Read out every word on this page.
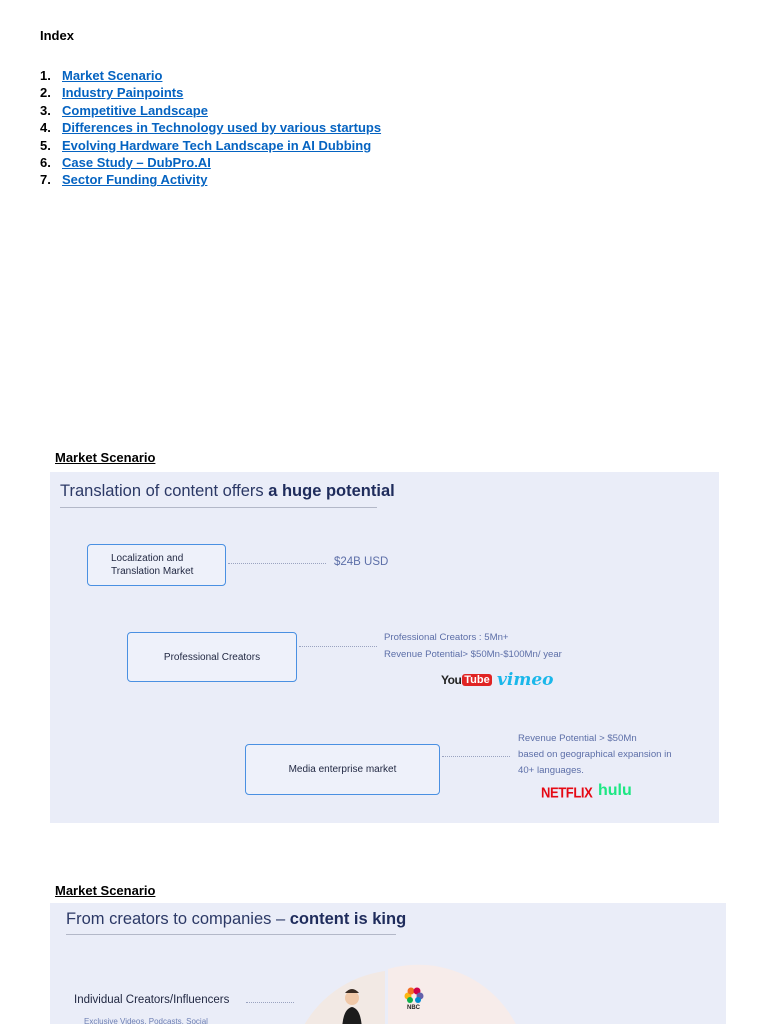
Index
1. Market Scenario
2. Industry Painpoints
3. Competitive Landscape
4. Differences in Technology used by various startups
5. Evolving Hardware Tech Landscape in AI Dubbing
6. Case Study – DubPro.AI
7. Sector Funding Activity
Market Scenario
Translation of content offers a huge potential
Localization and Translation Market
$24B USD
Professional Creators
Professional Creators : 5Mn+
Revenue Potential> $50Mn-$100Mn/ year
You Tube vimeo
Media enterprise market
Revenue Potential > $50Mn
based on geographical expansion in
40+ languages.
NETFLIX hulu
Market Scenario
From creators to companies – content is king
NBC
Individual Creators/Influencers
Exclusive Videos, Podcasts, Social
